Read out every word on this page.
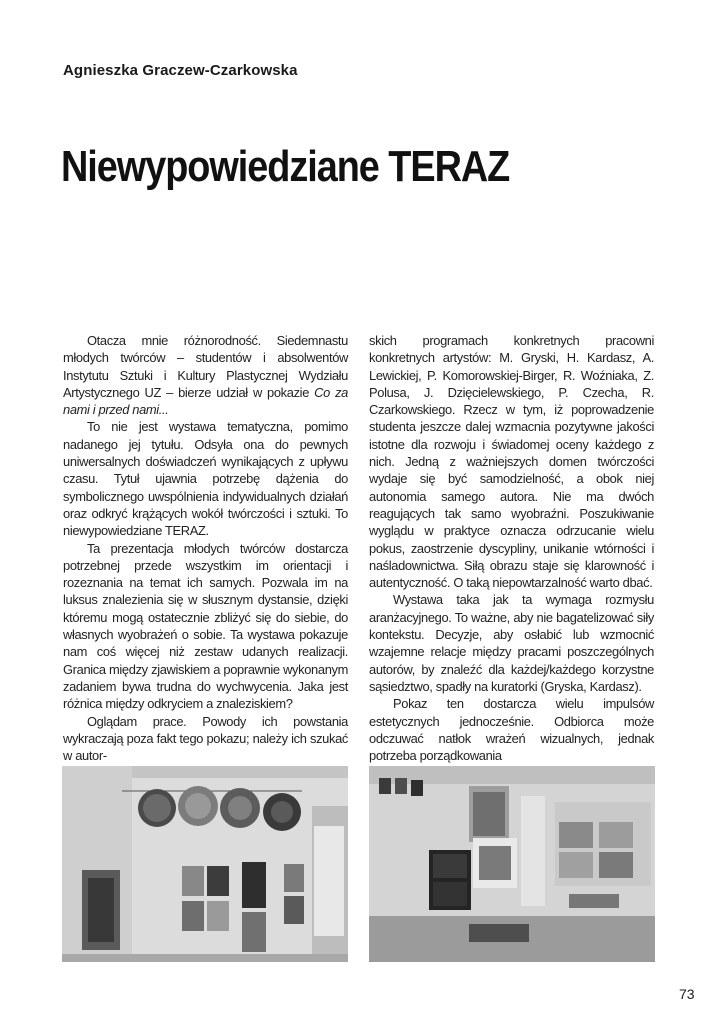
Agnieszka Graczew-Czarkowska
Niewypowiedziane TERAZ

Otacza mnie różnorodność. Siedemnastu młodych twórców – studentów i absolwentów Instytutu Sztuki i Kultury Plastycznej Wydziału Artystycznego UZ – bierze udział w pokazie Co za nami i przed nami...

To nie jest wystawa tematyczna, pomimo nadanego jej tytułu. Odsyła ona do pewnych uniwersalnych doświadczeń wynikających z upływu czasu. Tytuł ujawnia potrzebę dążenia do symbolicznego uwspólnienia indywidualnych działań oraz odkryć krążących wokół twórczości i sztuki. To niewypowiedziane TERAZ.

Ta prezentacja młodych twórców dostarcza potrzebnej przede wszystkim im orientacji i rozeznania na temat ich samych. Pozwala im na luksus znalezienia się w słusznym dystansie, dzięki któremu mogą ostatecznie zbliżyć się do siebie, do własnych wyobrażeń o sobie. Ta wystawa pokazuje nam coś więcej niż zestaw udanych realizacji. Granica między zjawiskiem a poprawnie wykonanym zadaniem bywa trudna do wychwycenia. Jaka jest różnica między odkryciem a znaleziskiem?

Oglądam prace. Powody ich powstania wykraczają poza fakt tego pokazu; należy ich szukać w autor-

skich programach konkretnych pracowni konkretnych artystów: M. Gryski, H. Kardasz, A. Lewickiej, P. Komorowskiej-Birger, R. Woźniaka, Z. Polusa, J. Dzięcielewskiego, P. Czecha, R. Czarkowskiego. Rzecz w tym, iż poprowadzenie studenta jeszcze dalej wzmacnia pozytywne jakości istotne dla rozwoju i świadomej oceny każdego z nich. Jedną z ważniejszych domen twórczości wydaje się być samodzielność, a obok niej autonomia samego autora. Nie ma dwóch reagujących tak samo wyobraźni. Poszukiwanie wyglądu w praktyce oznacza odrzucanie wielu pokus, zaostrzenie dyscypliny, unikanie wtórności i naśladownictwa. Siłą obrazu staje się klarowność i autentyczność. O taką niepowtarzalność warto dbać.

Wystawa taka jak ta wymaga rozmysłu aranżacyjnego. To ważne, aby nie bagatelizować siły kontekstu. Decyzje, aby osłabić lub wzmocnić wzajemne relacje między pracami poszczególnych autorów, by znaleźć dla każdej/każdego korzystne sąsiedztwo, spadły na kuratorki (Gryska, Kardasz).

Pokaz ten dostarcza wielu impulsów estetycznych jednocześnie. Odbiorca może odczuwać natłok wrażeń wizualnych, jednak potrzeba porządkowania

73
